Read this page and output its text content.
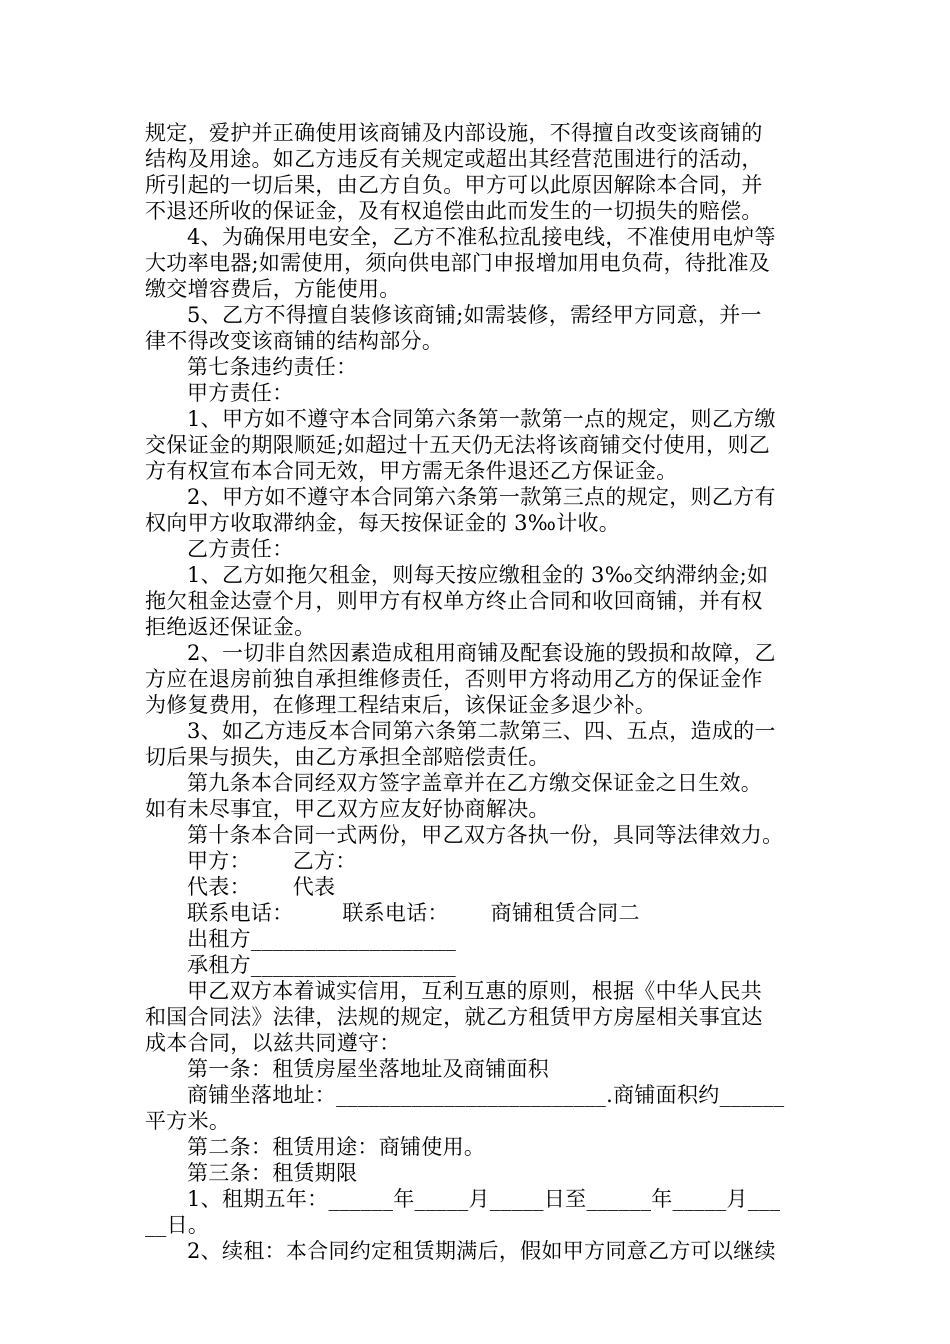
规定，爱护并正确使用该商铺及内部设施，不得擅自改变该商铺的
结构及用途。如乙方违反有关规定或超出其经营范围进行的活动，
所引起的一切后果，由乙方自负。甲方可以此原因解除本合同，并
不退还所收的保证金，及有权追偿由此而发生的一切损失的赔偿。
4、为确保用电安全，乙方不准私拉乱接电线，不准使用电炉等
大功率电器;如需使用，须向供电部门申报增加用电负荷，待批准及
缴交增容费后，方能使用。
5、乙方不得擅自装修该商铺;如需装修，需经甲方同意，并一
律不得改变该商铺的结构部分。
第七条违约责任：
甲方责任：
1、甲方如不遵守本合同第六条第一款第一点的规定，则乙方缴
交保证金的期限顺延;如超过十五天仍无法将该商铺交付使用，则乙
方有权宣布本合同无效，甲方需无条件退还乙方保证金。
2、甲方如不遵守本合同第六条第一款第三点的规定，则乙方有
权向甲方收取滞纳金，每天按保证金的 3‰计收。
乙方责任：
1、乙方如拖欠租金，则每天按应缴租金的 3‰交纳滞纳金;如
拖欠租金达壹个月，则甲方有权单方终止合同和收回商铺，并有权
拒绝返还保证金。
2、一切非自然因素造成租用商铺及配套设施的毁损和故障，乙
方应在退房前独自承担维修责任，否则甲方将动用乙方的保证金作
为修复费用，在修理工程结束后，该保证金多退少补。
3、如乙方违反本合同第六条第二款第三、四、五点，造成的一
切后果与损失，由乙方承担全部赔偿责任。
第九条本合同经双方签字盖章并在乙方缴交保证金之日生效。
如有未尽事宜，甲乙双方应友好协商解决。
第十条本合同一式两份，甲乙双方各执一份，具同等法律效力。
甲方：      乙方：
代表：      代表
联系电话：       联系电话：      商铺租赁合同二
出租方___________________
承租方___________________
甲乙双方本着诚实信用，互利互惠的原则，根据《中华人民共
和国合同法》法律，法规的规定，就乙方租赁甲方房屋相关事宜达
成本合同，以兹共同遵守：
第一条：租赁房屋坐落地址及商铺面积
商铺坐落地址：_________________________.商铺面积约______
平方米。
第二条：租赁用途：商铺使用。
第三条：租赁期限
1、租期五年：______年_____月_____日至______年_____月___
__日。
2、续租：本合同约定租赁期满后，假如甲方同意乙方可以继续
